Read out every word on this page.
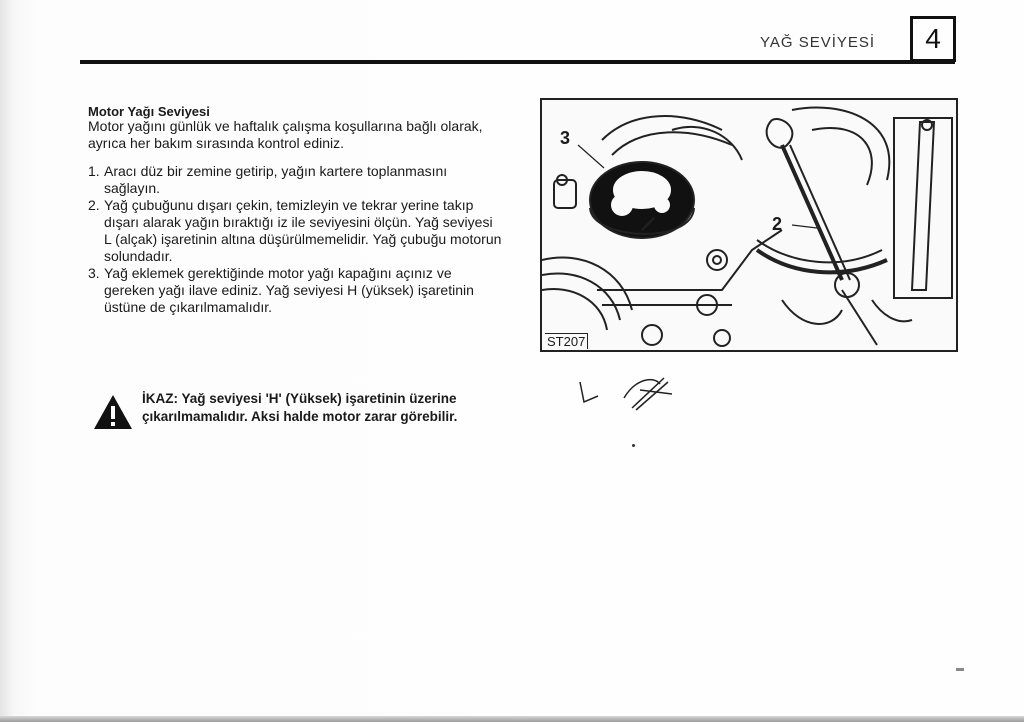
YAĞ SEVİYESİ	4
Motor Yağı Seviyesi
Motor yağını günlük ve haftalık çalışma koşullarına bağlı olarak, ayrıca her bakım sırasında kontrol ediniz.
1. Aracı düz bir zemine getirip, yağın kartere toplanmasını sağlayın.
2. Yağ çubuğunu dışarı çekin, temizleyin ve tekrar yerine takıp dışarı alarak yağın bıraktığı iz ile seviyesini ölçün. Yağ seviyesi L (alçak) işaretinin altına düşürülmemelidir. Yağ çubuğu motorun solundadır.
3. Yağ eklemek gerektiğinde motor yağı kapağını açınız ve gereken yağı ilave ediniz. Yağ seviyesi H (yüksek) işaretinin üstüne de çıkarılmamalıdır.
3
2
ST207
İKAZ: Yağ seviyesi 'H' (Yüksek) işaretinin üzerine çıkarılmamalıdır. Aksi halde motor zarar görebilir.
